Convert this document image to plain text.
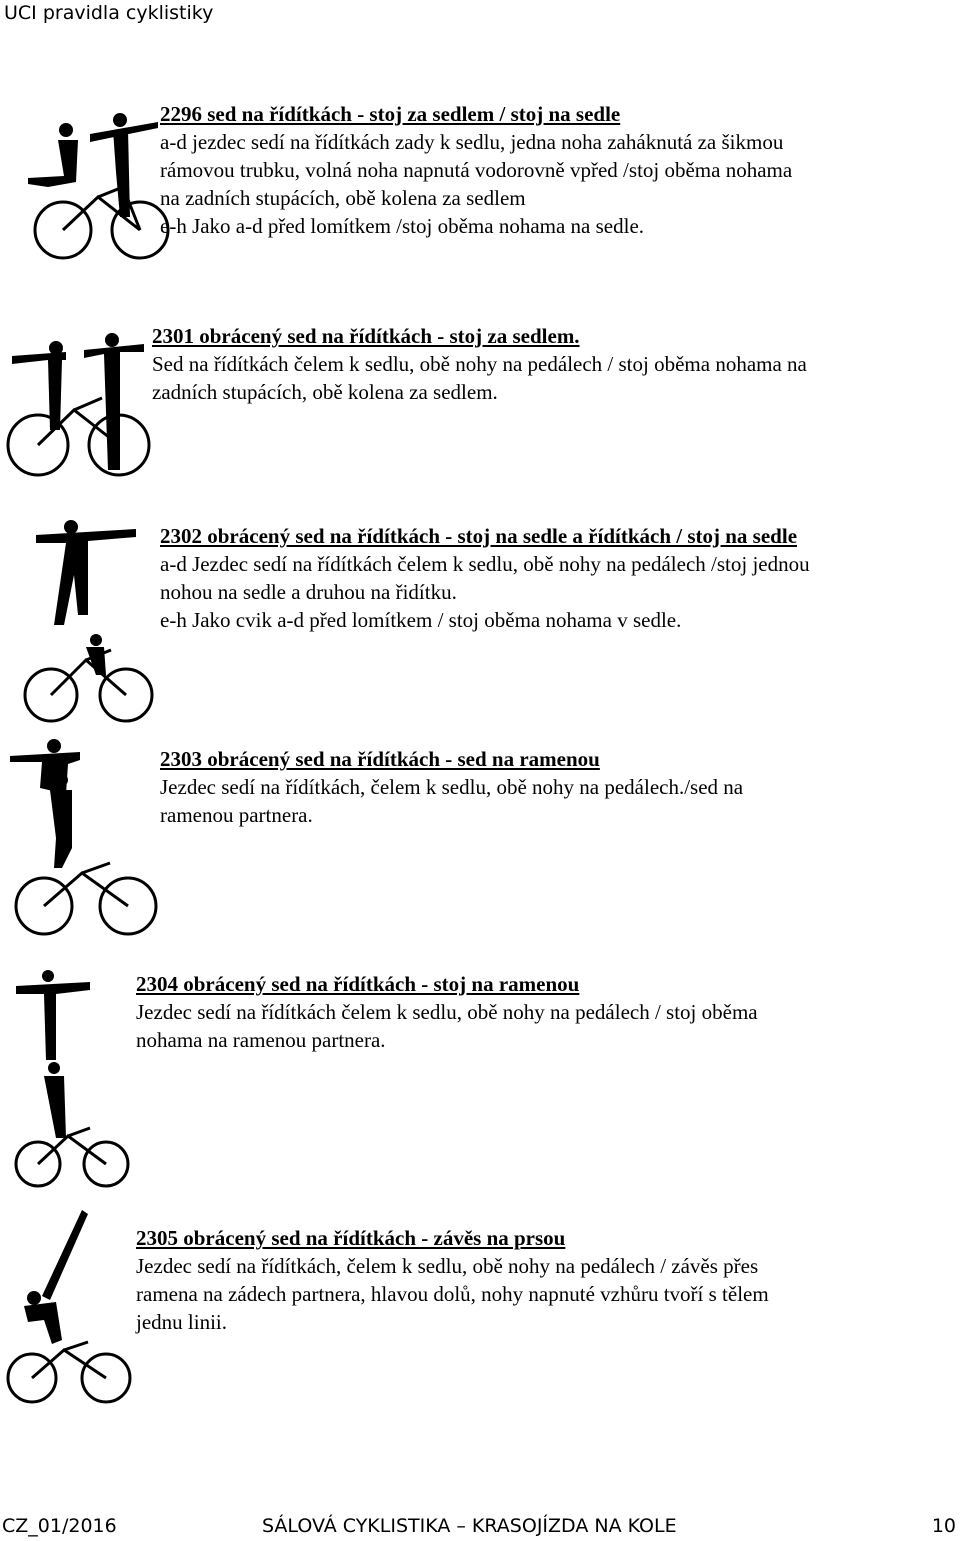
UCI pravidla cyklistiky
2296 sed na řídítkách - stoj za sedlem / stoj na sedle
a-d jezdec sedí na řídítkách zady k sedlu, jedna noha zaháknutá za šikmou
rámovou trubku, volná noha napnutá vodorovně vpřed /stoj oběma nohama
na zadních stupácích, obě kolena za sedlem
e-h Jako a-d před lomítkem /stoj oběma nohama na sedle.
2301 obrácený sed na řídítkách - stoj za sedlem.
Sed na řídítkách čelem k sedlu, obě nohy na pedálech / stoj oběma nohama na
zadních stupácích, obě kolena za sedlem.
2302 obrácený sed na řídítkách - stoj na sedle a řídítkách / stoj na sedle
a-d Jezdec sedí na řídítkách čelem k sedlu, obě nohy na pedálech /stoj jednou
nohou na sedle a druhou na řidítku.
e-h Jako cvik a-d před lomítkem / stoj oběma nohama v sedle.
2303 obrácený sed na řídítkách - sed na ramenou
Jezdec sedí na řídítkách, čelem k sedlu, obě nohy na pedálech./sed na
ramenou partnera.
2304 obrácený sed na řídítkách - stoj na ramenou
Jezdec sedí na řídítkách čelem k sedlu, obě nohy na pedálech / stoj oběma
nohama na ramenou partnera.
2305 obrácený sed na řídítkách - závěs na prsou
Jezdec sedí na řídítkách, čelem k sedlu, obě nohy na pedálech / závěs přes
ramena na zádech partnera, hlavou dolů, nohy napnuté vzhůru tvoří s tělem
jednu linii.
CZ_01/2016	SÁLOVÁ CYKLISTIKA – KRASOJÍZDA NA KOLE	10
